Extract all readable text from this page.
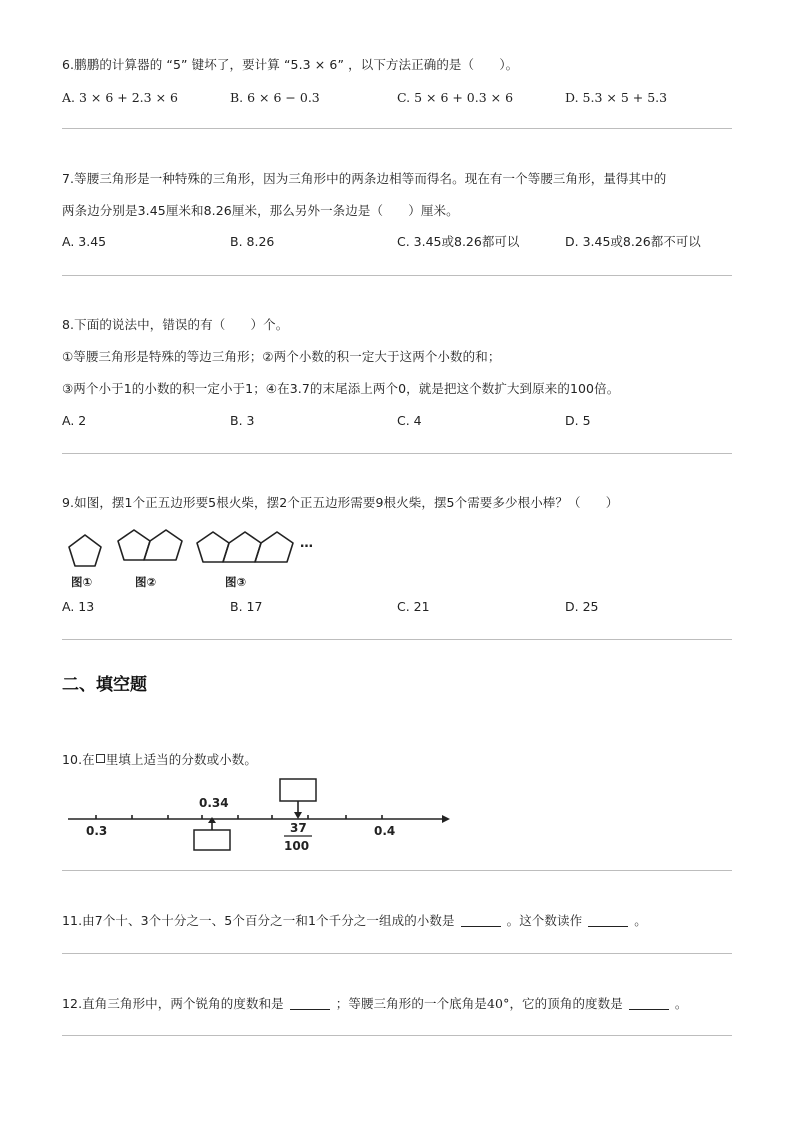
6.鹏鹏的计算器的 “5” 键坏了，要计算 “5.3 × 6” ，以下方法正确的是（　　）。
A. 3 × 6 + 2.3 × 6	B. 6 × 6 − 0.3	C. 5 × 6 + 0.3 × 6	D. 5.3 × 5 + 5.3
7.等腰三角形是一种特殊的三角形，因为三角形中的两条边相等而得名。现在有一个等腰三角形，量得其中的
两条边分别是3.45厘米和8.26厘米，那么另外一条边是（　　）厘米。
A. 3.45	B. 8.26	C. 3.45或8.26都可以	D. 3.45或8.26都不可以
8.下面的说法中，错误的有（　　）个。
①等腰三角形是特殊的等边三角形；②两个小数的积一定大于这两个小数的和；
③两个小于1的小数的积一定小于1；④在3.7的末尾添上两个0，就是把这个数扩大到原来的100倍。
A. 2	B. 3	C. 4	D. 5
9.如图，摆1个正五边形要5根火柴，摆2个正五边形需要9根火柴，摆5个需要多少根小棒？（　　）
…
图①	图②	图③
A. 13	B. 17	C. 21	D. 25
二、填空题
10.在 里填上适当的分数或小数。
0.3	0.4
0.34
37
100
11.由7个十、3个十分之一、5个百分之一和1个千分之一组成的小数是	。这个数读作	。
12.直角三角形中，两个锐角的度数和是	；等腰三角形的一个底角是40°，它的顶角的度数是	。
